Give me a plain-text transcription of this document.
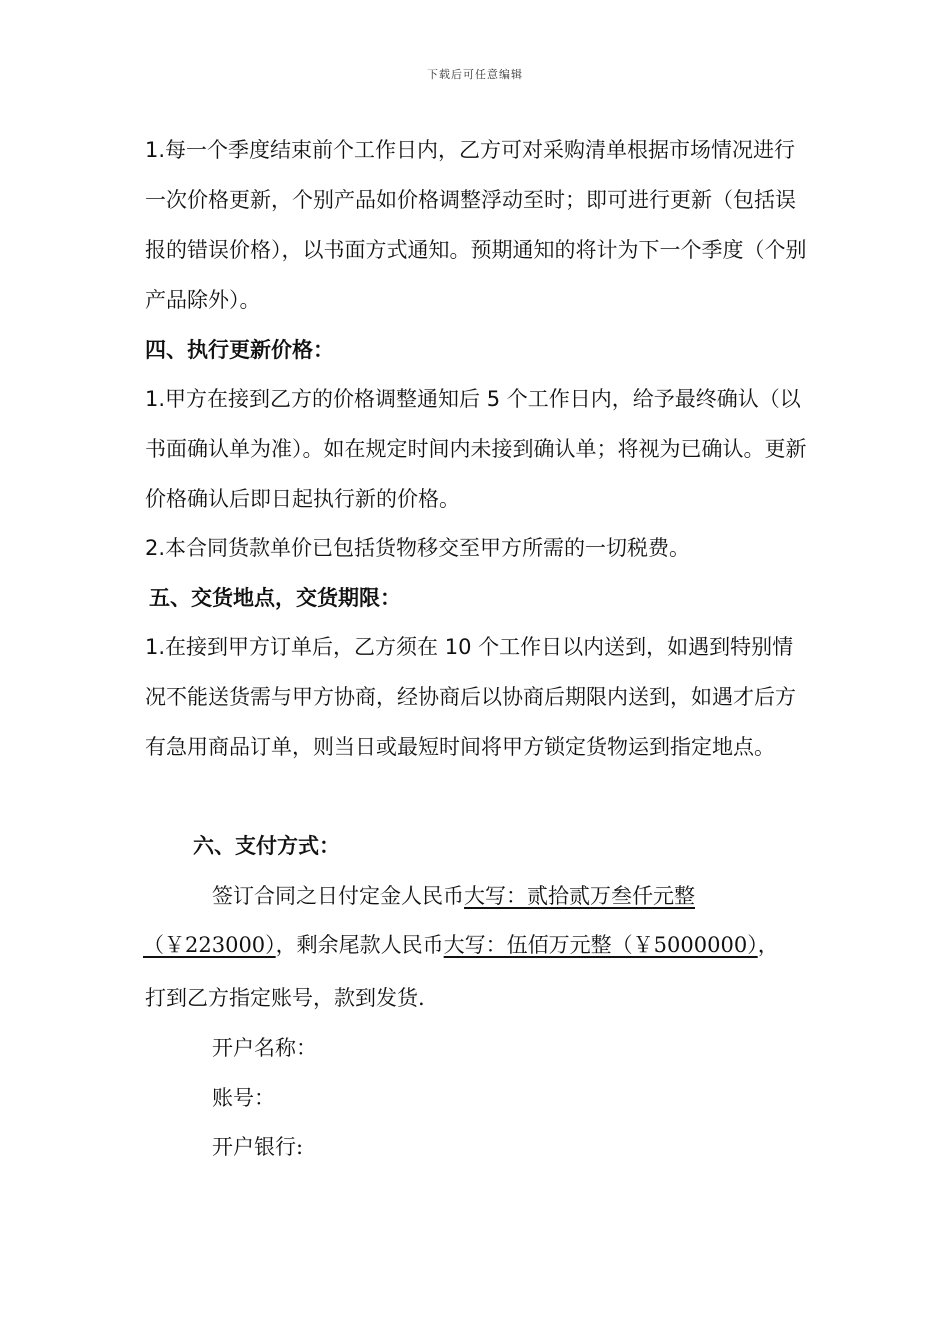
下载后可任意编辑

1.每一个季度结束前个工作日内，乙方可对采购清单根据市场情况进行一次价格更新，个别产品如价格调整浮动至时；即可进行更新（包括误报的错误价格），以书面方式通知。预期通知的将计为下一个季度（个别产品除外）。

四、执行更新价格：

1.甲方在接到乙方的价格调整通知后 5 个工作日内，给予最终确认（以书面确认单为准）。如在规定时间内未接到确认单；将视为已确认。更新价格确认后即日起执行新的价格。

2.本合同货款单价已包括货物移交至甲方所需的一切税费。

五、交货地点，交货期限：

1.在接到甲方订单后，乙方须在 10 个工作日以内送到，如遇到特别情况不能送货需与甲方协商，经协商后以协商后期限内送到，如遇才后方有急用商品订单，则当日或最短时间将甲方锁定货物运到指定地点。

六、支付方式：

签订合同之日付定金人民币大写：贰拾贰万叁仟元整
（￥223000），剩余尾款人民币大写：伍佰万元整（￥5000000），
打到乙方指定账号，款到发货.
开户名称：
账号：
开户银行:
